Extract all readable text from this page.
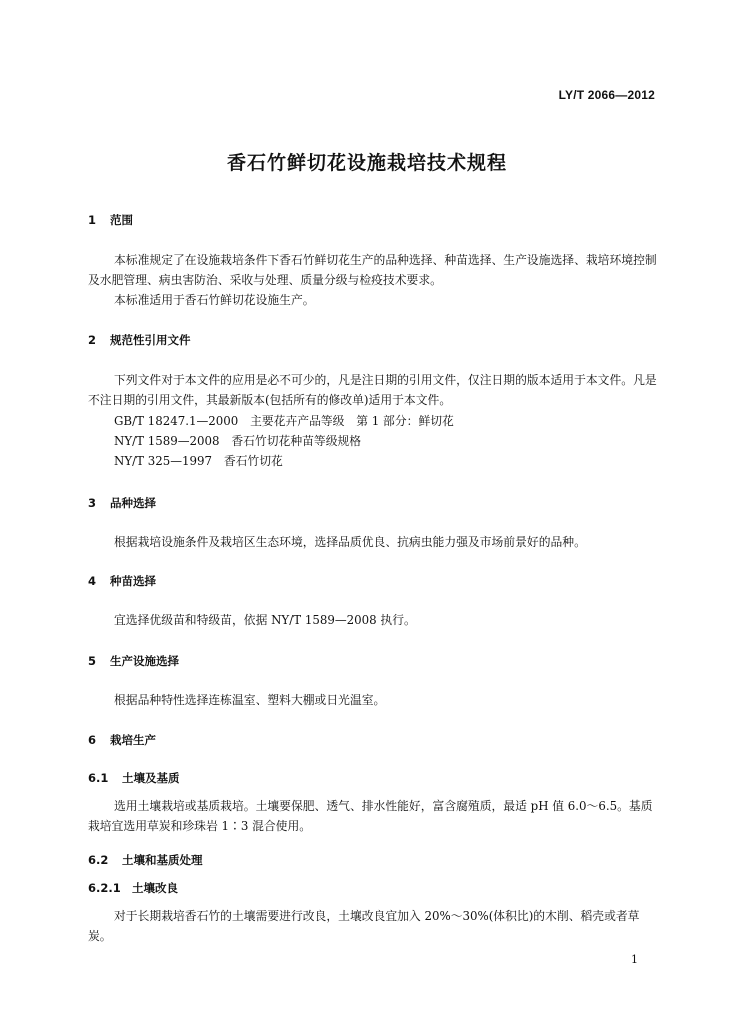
LY/T 2066—2012
香石竹鲜切花设施栽培技术规程
1 范围
本标准规定了在设施栽培条件下香石竹鲜切花生产的品种选择、种苗选择、生产设施选择、栽培环境控制及水肥管理、病虫害防治、采收与处理、质量分级与检疫技术要求。
本标准适用于香石竹鲜切花设施生产。
2 规范性引用文件
下列文件对于本文件的应用是必不可少的，凡是注日期的引用文件，仅注日期的版本适用于本文件。凡是不注日期的引用文件，其最新版本(包括所有的修改单)适用于本文件。
GB/T 18247.1—2000　主要花卉产品等级　第 1 部分：鲜切花
NY/T 1589—2008　香石竹切花种苗等级规格
NY/T 325—1997　香石竹切花
3 品种选择
根据栽培设施条件及栽培区生态环境，选择品质优良、抗病虫能力强及市场前景好的品种。
4 种苗选择
宜选择优级苗和特级苗，依据 NY/T 1589—2008 执行。
5 生产设施选择
根据品种特性选择连栋温室、塑料大棚或日光温室。
6 栽培生产
6.1 土壤及基质
选用土壤栽培或基质栽培。土壤要保肥、透气、排水性能好，富含腐殖质，最适 pH 值 6.0～6.5。基质栽培宜选用草炭和珍珠岩 1∶3 混合使用。
6.2 土壤和基质处理
6.2.1 土壤改良
对于长期栽培香石竹的土壤需要进行改良，土壤改良宜加入 20%～30%(体积比)的木削、稻壳或者草炭。
1
